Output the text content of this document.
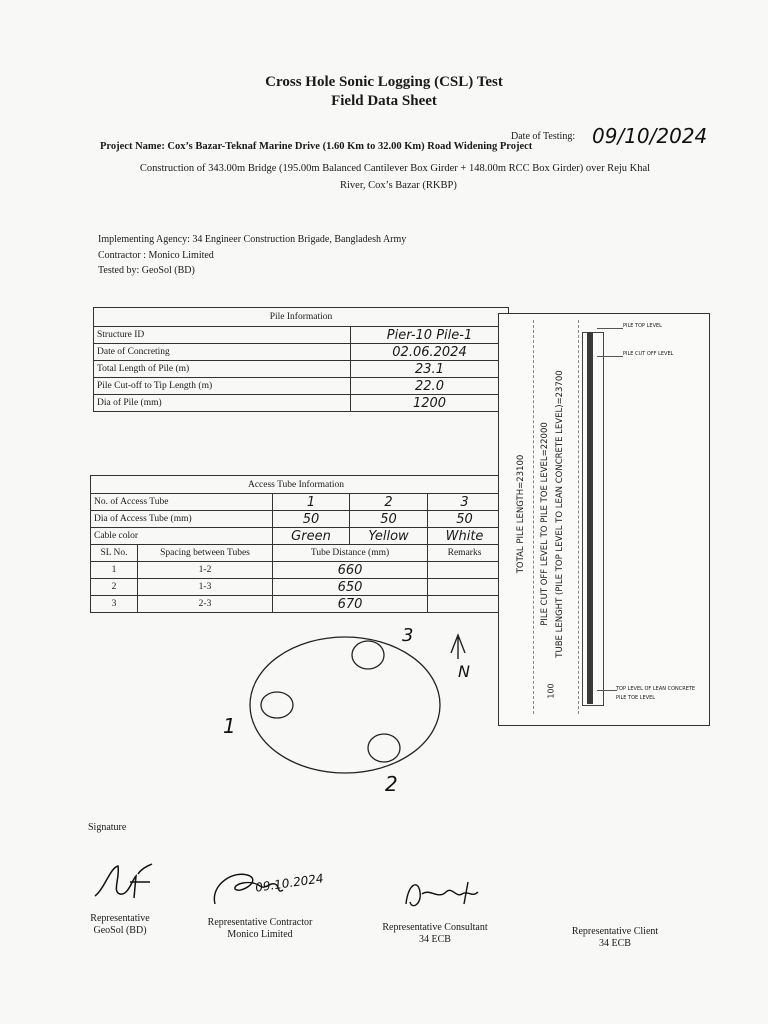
Cross Hole Sonic Logging (CSL) Test
Field Data Sheet
Date of Testing: 09/10/2024
Project Name: Cox’s Bazar-Teknaf Marine Drive (1.60 Km to 32.00 Km) Road Widening Project
Construction of 343.00m Bridge (195.00m Balanced Cantilever Box Girder + 148.00m RCC Box Girder) over Reju Khal
River, Cox’s Bazar (RKBP)
Implementing Agency: 34 Engineer Construction Brigade, Bangladesh Army
Contractor : Monico Limited
Tested by: GeoSol (BD)
Pile Information	
Structure ID	Pier-10 Pile-1
Date of Concreting	02.06.2024
Total Length of Pile (m)	23.1
Pile Cut-off to Tip Length (m)	22.0
Dia of Pile (mm)	1200
Access Tube Information				
No. of Access Tube		1	2	3
Dia of Access Tube (mm)		50	50	50
Cable color		Green	Yellow	White
SL No.	Spacing between Tubes	Tube Distance (mm)		Remarks
1	1-2	660		
2	1-3	650		
3	2-3	670		
1
2
3
N
PILE TOP LEVEL
PILE CUT OFF LEVEL
TOP LEVEL OF LEAN CONCRETE
PILE TOE LEVEL
TOTAL PILE LENGTH=23100 PILE CUT OFF LEVEL TO PILE TOE LEVEL=22000 TUBE LENGHT (PILE TOP LEVEL TO LEAN CONCRETE LEVEL)=23700
100
Signature
09.10.2024
Representative
GeoSol (BD)
Representative Contractor
Monico Limited
Representative Consultant
34 ECB
Representative Client
34 ECB
